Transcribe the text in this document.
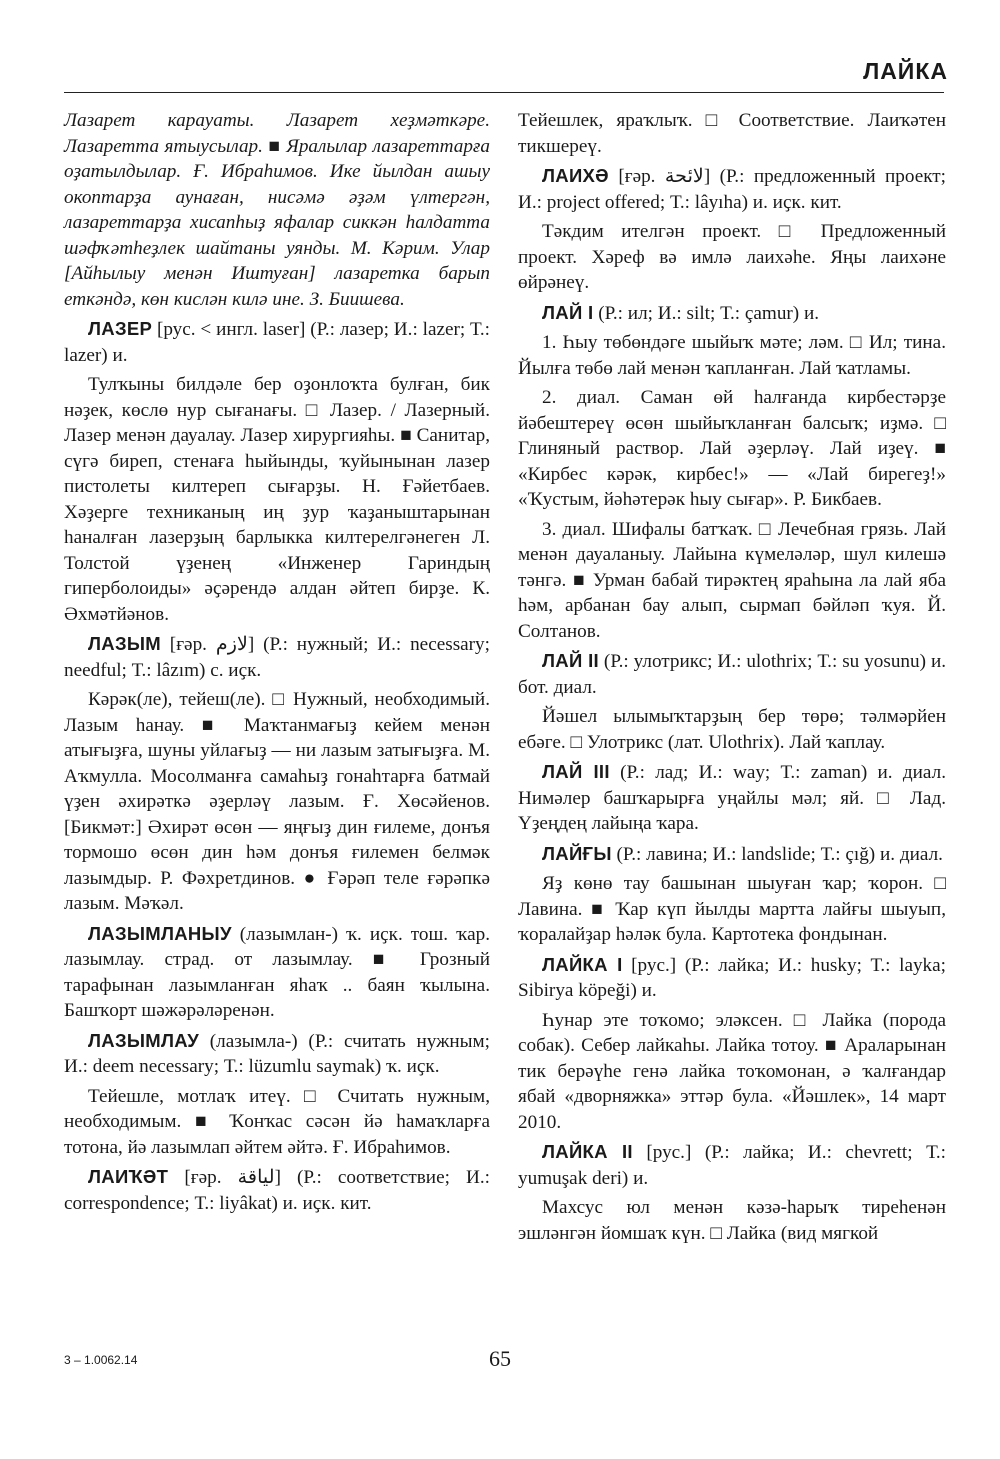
ЛАЙКА

Лазарет карауаты. Лазарет хеҙмәткәре. Лазаретта ятыусылар. ■ Яралылар лазареттарға оҙатылдылар. Ғ. Ибраһимов. Ике йылдан ашыу окоптарҙа аунаған, нисәмә әҙәм үлтергән, лазареттарҙа хисапһыҙ яфалар сиккән һалдатта шәфҡәтһеҙлек шайтаны уянды. М. Кәрим. Улар [Айһылыу менән Иштуған] лазаретка барып еткәндә, көн кислән килә ине. З. Биишева.

ЛАЗЕР [рус. < ингл. laser] (Р.: лазер; И.: lazer; Т.: lazer) и.

Тулҡыны билдәле бер оҙонлоҡта булған, бик нәҙек, көслө нур сығанағы. □ Лазер. / Лазерный. Лазер менән дауалау. Лазер хирургияһы. ■ Санитар, сүгә биреп, стенаға һыйынды, ҡуйынынан лазер пистолеты килтереп сығарҙы. Н. Ғәйетбаев. Хәҙерге техниканың иң ҙур ҡаҙаныштарынан һаналған лазерҙың барлыкка килтерелгәнеген Л. Толстой үҙенең «Инженер Гариндың гиперболоиды» әҫәрендә алдан әйтеп бирҙе. К. Әхмәтйәнов.

ЛАЗЫМ [ғәр. لازم] (Р.: нужный; И.: necessary; needful; Т.: lâzım) с. иҫк.

Кәрәк(ле), тейеш(ле). □ Нужный, необходимый. Лазым һанау. ■ Маҡтанмағыҙ кейем менән атығыҙға, шуны уйлағыҙ — ни лазым затығыҙға. М. Аҡмулла. Мосолманға самаһыҙ гонаһтарға батмай үҙен әхирәткә әҙерләү лазым. Ғ. Хөсәйенов. [Бикмәт:] Әхирәт өсөн — яңғыҙ дин ғилеме, донъя тормошо өсөн дин һәм донъя ғилемен белмәк лазымдыр. Р. Фәхретдинов. ● Ғәрәп теле ғәрәпкә лазым. Мәҡәл.

ЛАЗЫМЛАНЫУ (лазымлан-) ҡ. иҫк. тош. ҡар. лазымлау. страд. от лазымлау. ■ Грозный тарафынан лазымланған яһаҡ .. баян ҡылына. Башҡорт шәжәрәләренән.

ЛАЗЫМЛАУ (лазымла-) (Р.: считать нужным; И.: deem necessary; Т.: lüzumlu saymak) ҡ. иҫк.

Тейешле, мотлаҡ итеү. □ Считать нужным, необходимым. ■ Ҡонҡас сәсән йә һамаҡларға тотона, йә лазымлап әйтем әйтә. Ғ. Ибраһимов.

ЛАИҠӘТ [ғәр. لياقة] (Р.: соответствие; И.: correspondence; Т.: liyâkat) и. иҫк. кит.

Тейешлек, яраҡлыҡ. □ Соответствие. Лаиҡәтен тикшереү.

ЛАИХӘ [ғәр. لائحة] (Р.: предложенный проект; И.: project offered; Т.: lâyıha) и. иҫк. кит.

Тәкдим ителгән проект. □ Предложенный проект. Хәреф вә имлә лаихәһе. Яңы лаихәне өйрәнеү.

ЛАЙ I (Р.: ил; И.: silt; Т.: çamur) и.

1. Һыу төбөндәге шыйыҡ мәте; ләм. □ Ил; тина. Йылға төбө лай менән ҡапланған. Лай ҡатламы.

2. диал. Саман өй һалғанда кирбестәрҙе йәбештереү өсөн шыйыҡланған балсыҡ; иҙмә. □ Глиняный раствор. Лай әҙерләү. Лай иҙеү. ■ «Кирбес кәрәк, кирбес!» — «Лай бирегеҙ!» «Ҡустым, йәһәтерәк һыу сығар». Р. Бикбаев.

3. диал. Шифалы батҡаҡ. □ Лечебная грязь. Лай менән дауаланыу. Лайына күмеләләр, шул килешә тәнгә. ■ Урман бабай тирәктең яраһына ла лай яба һәм, арбанан бау алып, сырмап бәйләп ҡуя. Й. Солтанов.

ЛАЙ II (Р.: улотрикс; И.: ulothrix; Т.: su yosunu) и. бот. диал.

Йәшел ылымыҡтарҙың бер төрө; тәлмәрйен ебәге. □ Улотрикс (лат. Ulothrix). Лай ҡаплау.

ЛАЙ III (Р.: лад; И.: way; Т.: zaman) и. диал. Нимәлер башҡарырға уңайлы мәл; яй. □ Лад. Үҙеңдең лайыңа ҡара.

ЛАЙҒЫ (Р.: лавина; И.: landslide; Т.: çığ) и. диал.

Яҙ көнө тау башынан шыуған ҡар; ҡорон. □ Лавина. ■ Ҡар күп йылды мартта лайғы шыуып, ҡоралайҙар һәләк була. Картотека фондынан.

ЛАЙКА I [рус.] (Р.: лайка; И.: husky; Т.: layka; Sibirya köpeği) и.

Һунар эте тоҡомо; эләксен. □ Лайка (порода собак). Себер лайкаһы. Лайка тотоу. ■ Араларынан тик берәүһе генә лайка тоҡомонан, ә ҡалғандар ябай «дворняжка» эттәр була. «Йәшлек», 14 март 2010.

ЛАЙКА II [рус.] (Р.: лайка; И.: chevrett; Т.: yumuşak deri) и.

Махсус юл менән кәзә-һарыҡ тиреһенән эшләнгән йомшаҡ күн. □ Лайка (вид мягкой

3 – 1.0062.14	65
